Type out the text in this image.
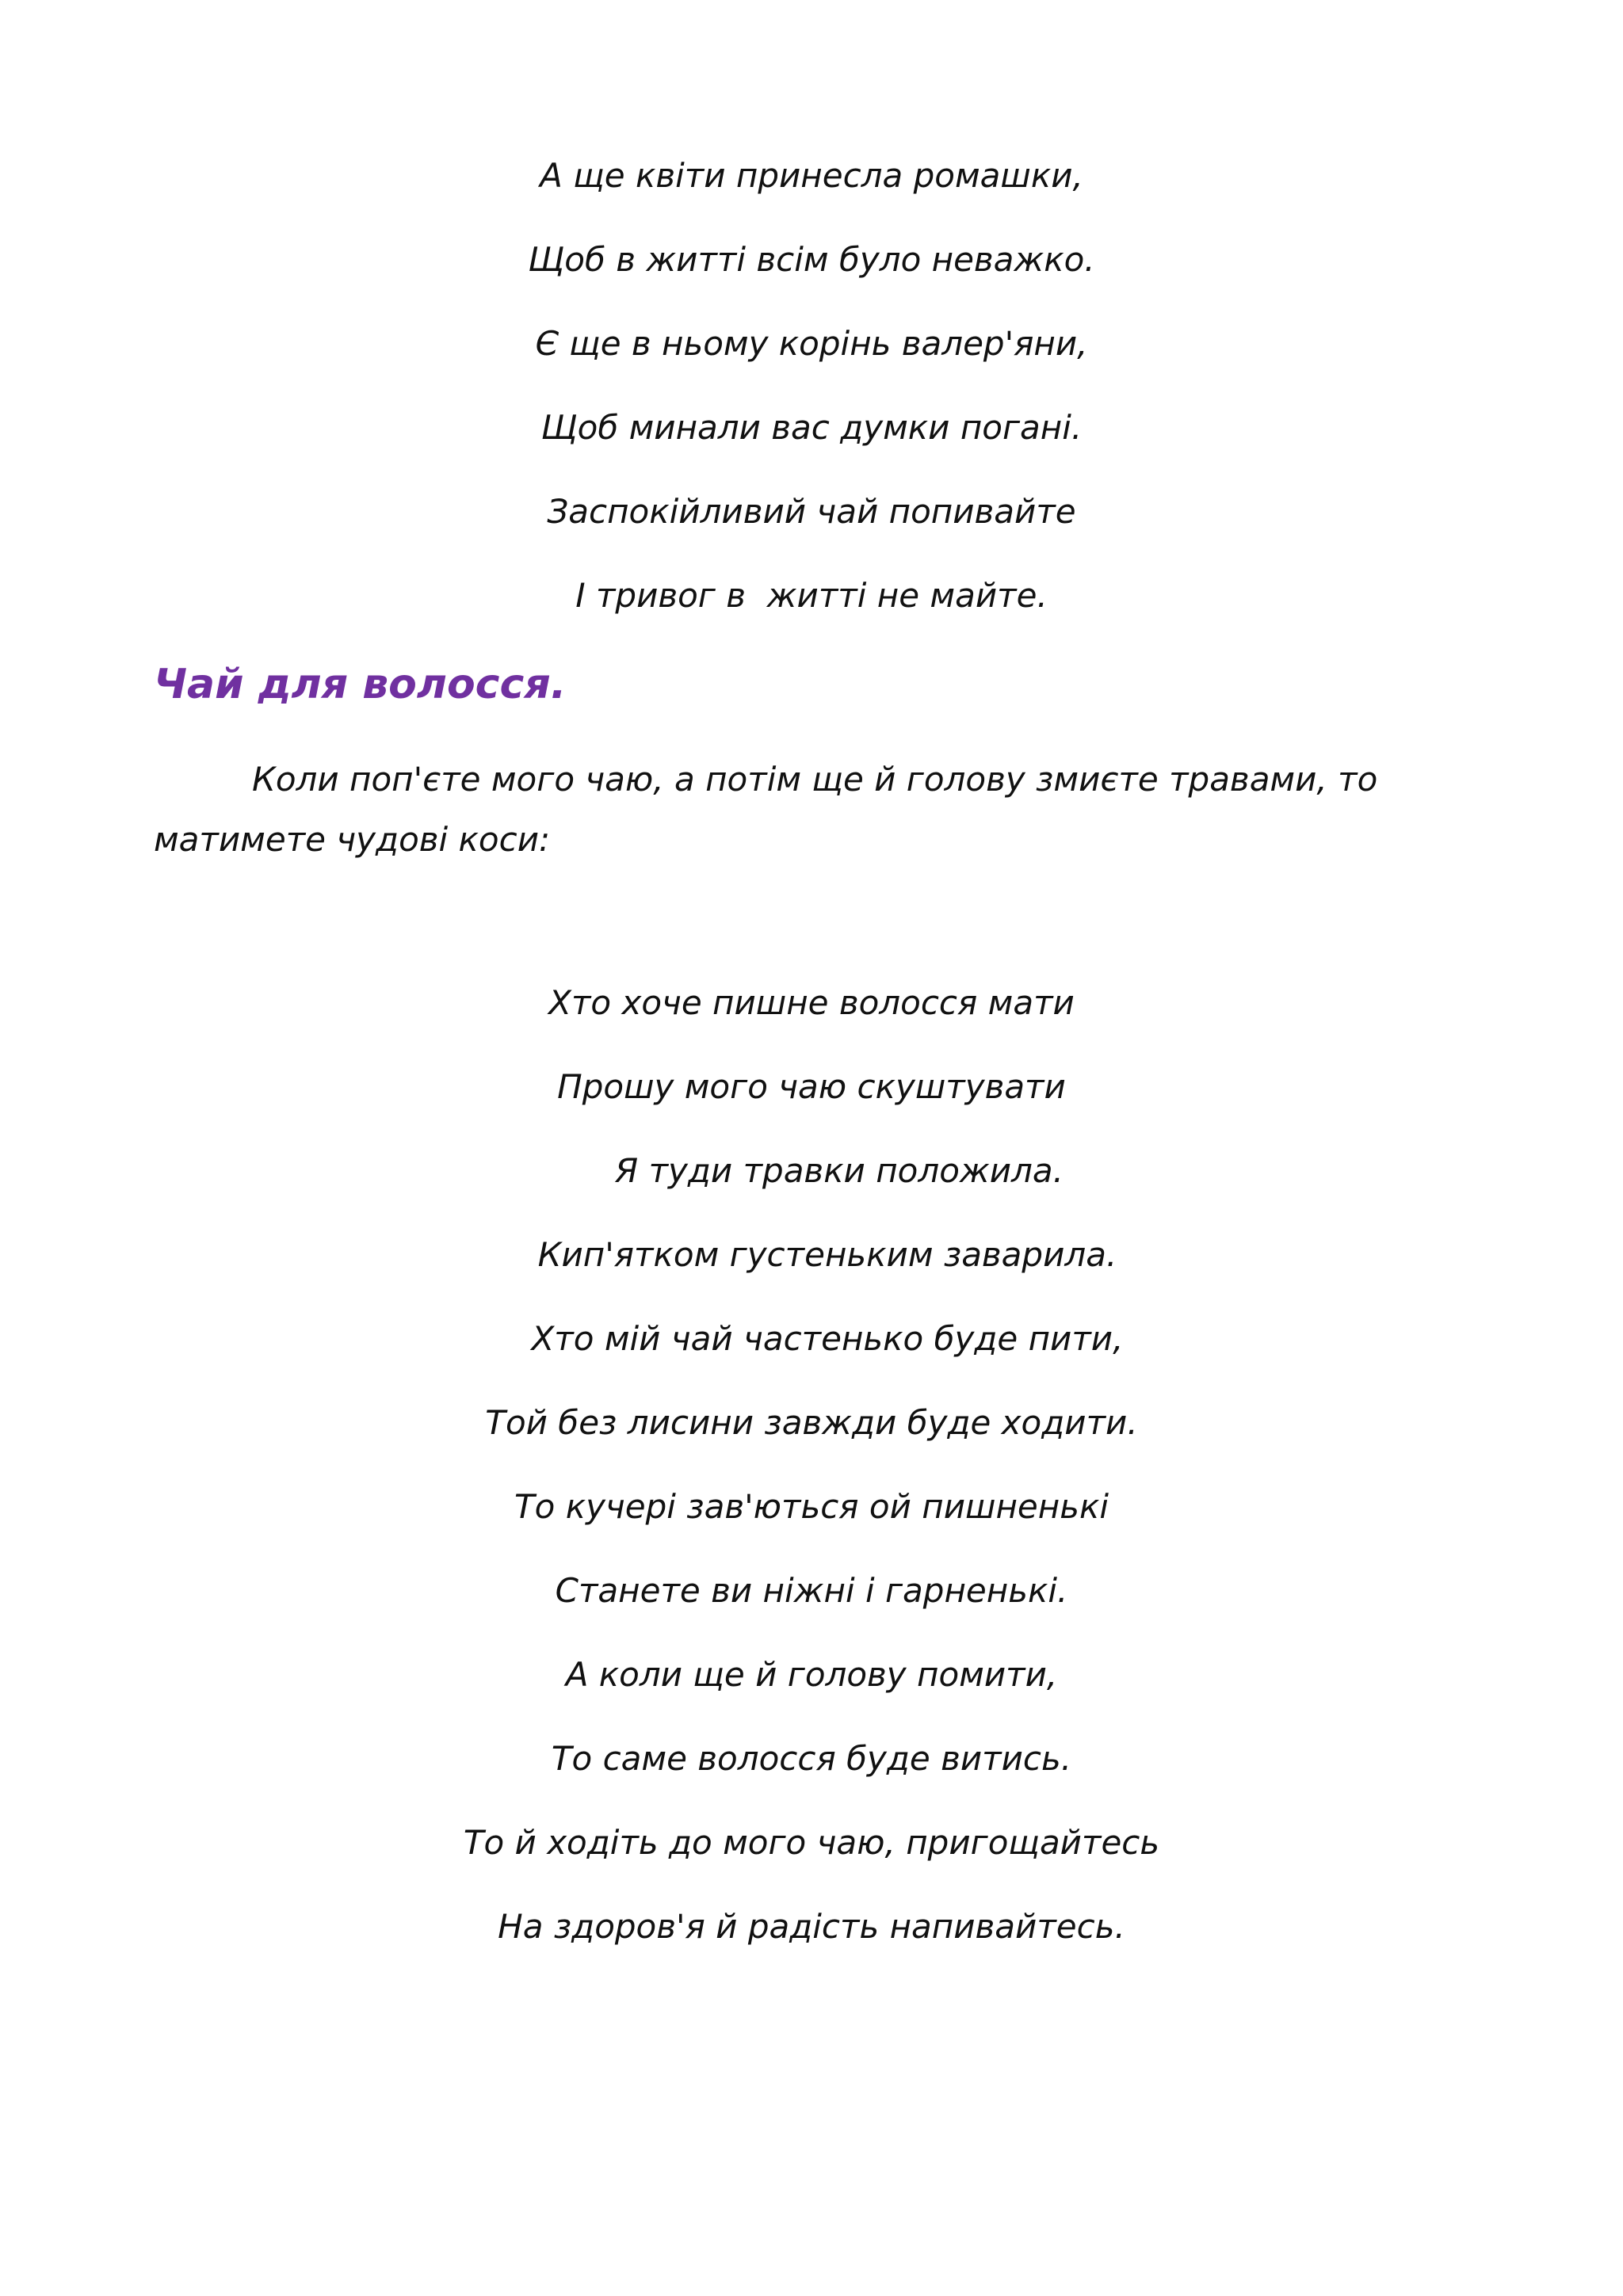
А ще квіти принесла ромашки,
Щоб в житті всім було неважко.
Є ще в ньому корінь валер'яни,
Щоб минали вас думки погані.
Заспокійливий чай попивайте
І тривог в  житті не майте.
Чай для волосся.
Коли поп'єте мого чаю, а потім ще й голову змиєте травами, то
матимете чудові коси:
Хто хоче пишне волосся мати
Прошу мого чаю скуштувати
Я туди травки положила.
Кип'ятком густеньким заварила.
Хто мій чай частенько буде пити,
Той без лисини завжди буде ходити.
То кучері зав'ються ой пишненькі
Станете ви ніжні і гарненькі.
А коли ще й голову помити,
То саме волосся буде витись.
То й ходіть до мого чаю, пригощайтесь
На здоров'я й радість напивайтесь.
